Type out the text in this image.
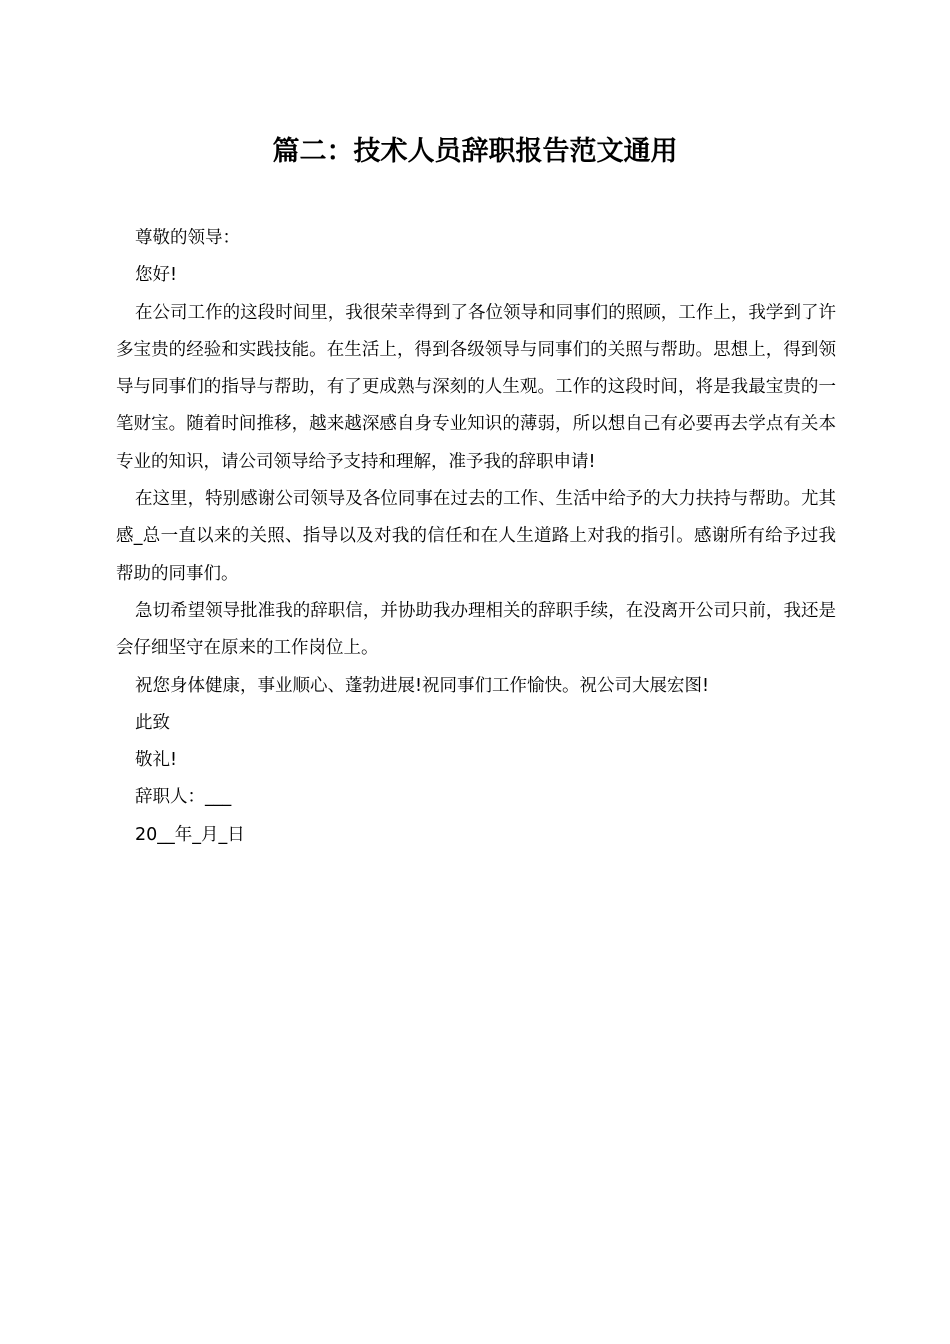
篇二：技术人员辞职报告范文通用

尊敬的领导：

您好!

在公司工作的这段时间里，我很荣幸得到了各位领导和同事们的照顾，工作上，我学到了许多宝贵的经验和实践技能。在生活上，得到各级领导与同事们的关照与帮助。思想上，得到领导与同事们的指导与帮助，有了更成熟与深刻的人生观。工作的这段时间，将是我最宝贵的一笔财宝。随着时间推移，越来越深感自身专业知识的薄弱，所以想自己有必要再去学点有关本专业的知识，请公司领导给予支持和理解，准予我的辞职申请!

在这里，特别感谢公司领导及各位同事在过去的工作、生活中给予的大力扶持与帮助。尤其感_总一直以来的关照、指导以及对我的信任和在人生道路上对我的指引。感谢所有给予过我帮助的同事们。

急切希望领导批准我的辞职信，并协助我办理相关的辞职手续，在没离开公司只前，我还是会仔细坚守在原来的工作岗位上。

祝您身体健康，事业顺心、蓬勃进展!祝同事们工作愉快。祝公司大展宏图!

此致

敬礼!

辞职人：___

20__年_月_日
